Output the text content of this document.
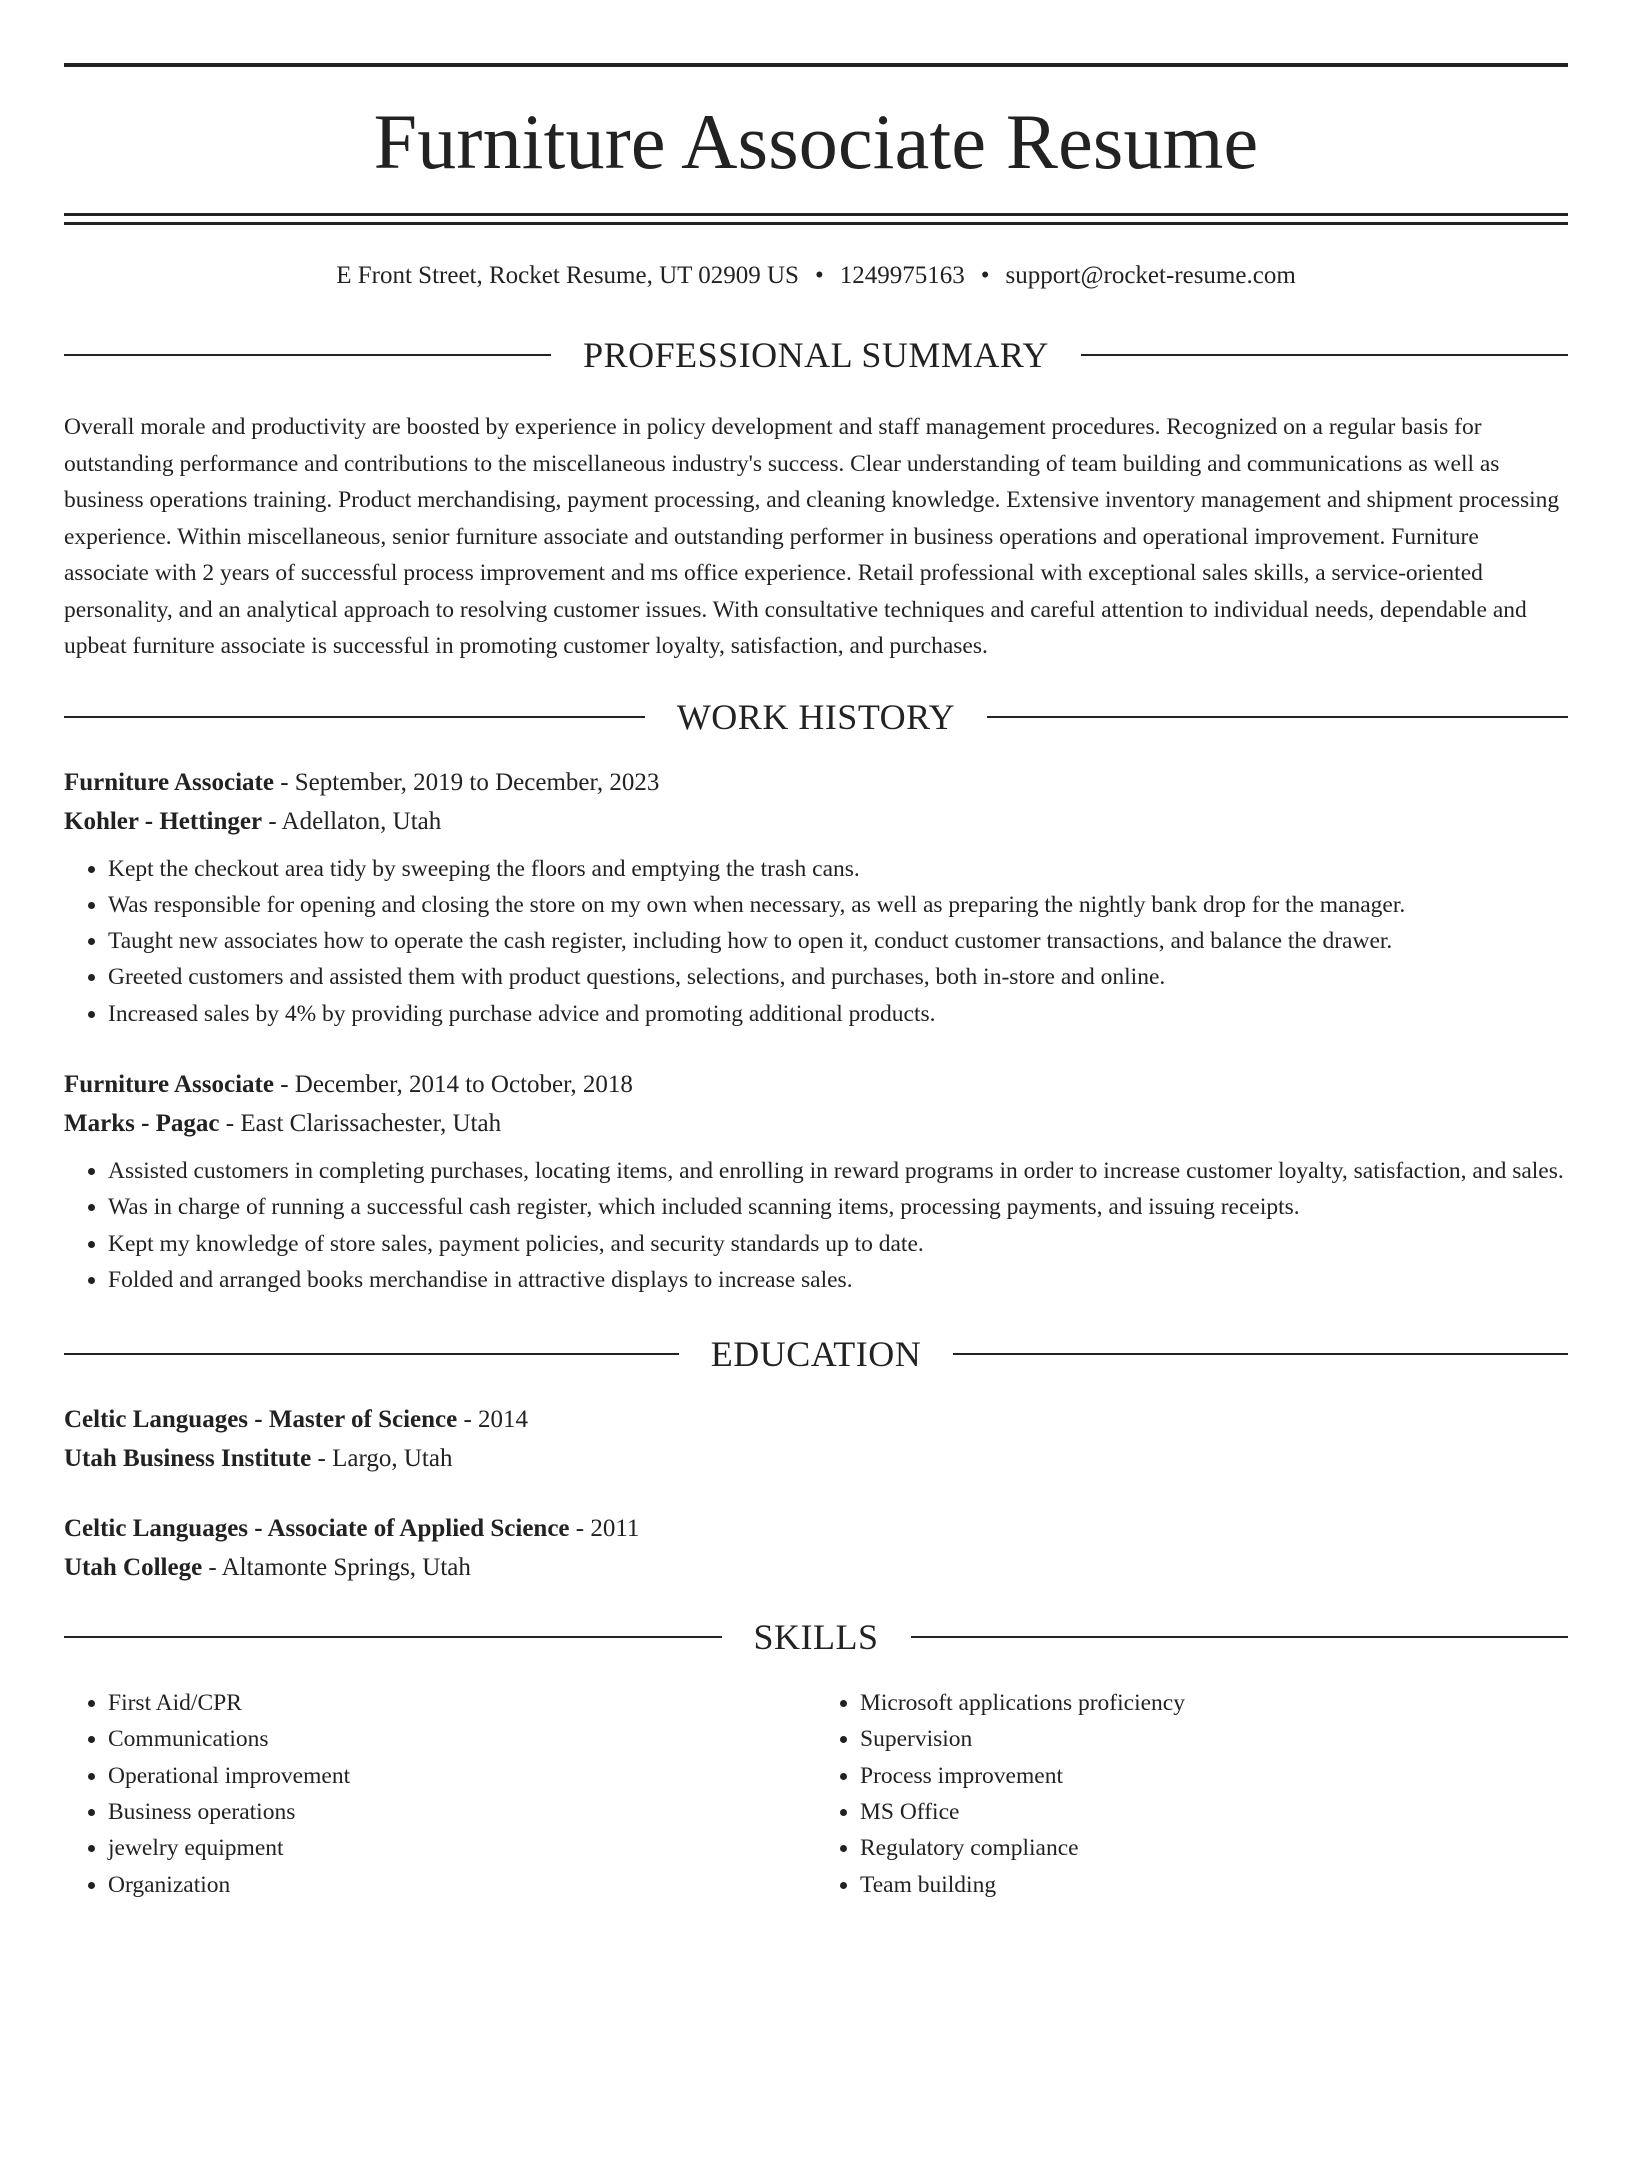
Furniture Associate Resume
E Front Street, Rocket Resume, UT 02909 US • 1249975163 • support@rocket-resume.com
PROFESSIONAL SUMMARY

Overall morale and productivity are boosted by experience in policy development and staff management procedures. Recognized on a regular basis for outstanding performance and contributions to the miscellaneous industry's success. Clear understanding of team building and communications as well as business operations training. Product merchandising, payment processing, and cleaning knowledge. Extensive inventory management and shipment processing experience. Within miscellaneous, senior furniture associate and outstanding performer in business operations and operational improvement. Furniture associate with 2 years of successful process improvement and ms office experience. Retail professional with exceptional sales skills, a service-oriented personality, and an analytical approach to resolving customer issues. With consultative techniques and careful attention to individual needs, dependable and upbeat furniture associate is successful in promoting customer loyalty, satisfaction, and purchases.

WORK HISTORY
Furniture Associate - September, 2019 to December, 2023
Kohler - Hettinger - Adellaton, Utah
• Kept the checkout area tidy by sweeping the floors and emptying the trash cans.
• Was responsible for opening and closing the store on my own when necessary, as well as preparing the nightly bank drop for the manager.
• Taught new associates how to operate the cash register, including how to open it, conduct customer transactions, and balance the drawer.
• Greeted customers and assisted them with product questions, selections, and purchases, both in-store and online.
• Increased sales by 4% by providing purchase advice and promoting additional products.
Furniture Associate - December, 2014 to October, 2018
Marks - Pagac - East Clarissachester, Utah
• Assisted customers in completing purchases, locating items, and enrolling in reward programs in order to increase customer loyalty, satisfaction, and sales.
• Was in charge of running a successful cash register, which included scanning items, processing payments, and issuing receipts.
• Kept my knowledge of store sales, payment policies, and security standards up to date.
• Folded and arranged books merchandise in attractive displays to increase sales.
EDUCATION
Celtic Languages - Master of Science - 2014
Utah Business Institute - Largo, Utah
Celtic Languages - Associate of Applied Science - 2011
Utah College - Altamonte Springs, Utah
SKILLS
• First Aid/CPR
• Communications
• Operational improvement
• Business operations
• jewelry equipment
• Organization
• Microsoft applications proficiency
• Supervision
• Process improvement
• MS Office
• Regulatory compliance
• Team building
